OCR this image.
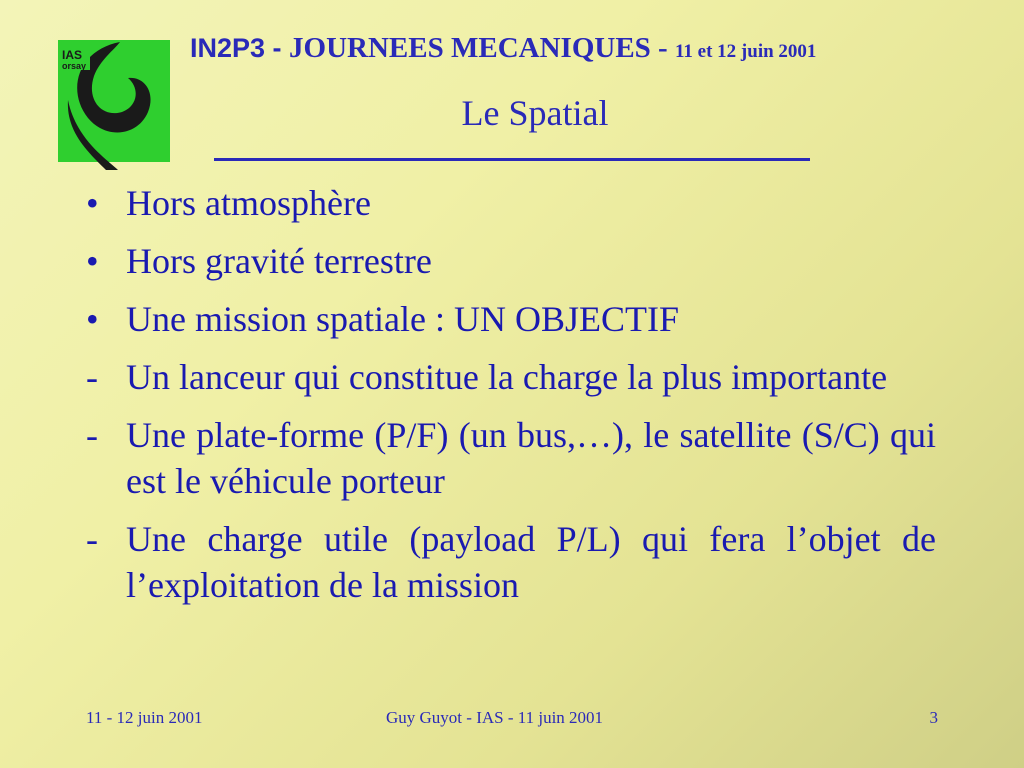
IAS
orsay
IN2P3 - JOURNEES MECANIQUES - 11 et 12 juin 2001
Le Spatial
• Hors atmosphère
• Hors gravité terrestre
• Une mission spatiale : UN OBJECTIF
- Un lanceur qui constitue la charge la plus importante
- Une plate-forme (P/F) (un bus,…), le satellite (S/C) qui est le véhicule porteur
- Une charge utile (payload P/L) qui fera l’objet de l’exploitation de la mission
11 - 12 juin 2001	Guy Guyot - IAS - 11 juin 2001	3
